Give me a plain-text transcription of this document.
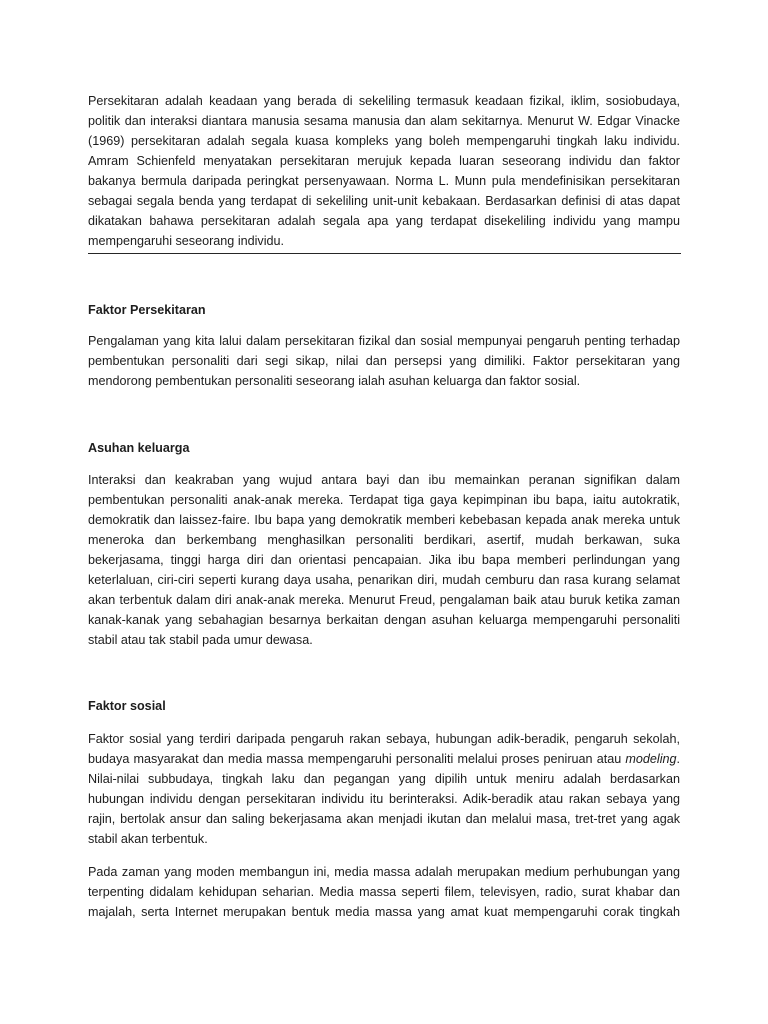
Persekitaran adalah keadaan yang berada di sekeliling termasuk keadaan fizikal, iklim, sosiobudaya,
politik dan interaksi diantara manusia sesama manusia dan alam sekitarnya. Menurut W. Edgar Vinacke
(1969) persekitaran adalah segala kuasa kompleks yang boleh mempengaruhi tingkah laku individu.
Amram Schienfeld menyatakan persekitaran merujuk kepada luaran seseorang individu dan faktor
bakanya bermula daripada peringkat persenyawaan. Norma L. Munn pula mendefinisikan persekitaran
sebagai segala benda yang terdapat di sekeliling unit-unit kebakaan. Berdasarkan definisi di atas dapat
dikatakan bahawa persekitaran adalah segala apa yang terdapat disekeliling individu yang mampu
mempengaruhi seseorang individu.
Faktor Persekitaran
Pengalaman yang kita lalui dalam persekitaran fizikal dan sosial mempunyai pengaruh penting terhadap
pembentukan personaliti dari segi sikap, nilai dan persepsi yang dimiliki. Faktor persekitaran yang
mendorong pembentukan personaliti seseorang ialah asuhan keluarga dan faktor sosial.
Asuhan keluarga
Interaksi dan keakraban yang wujud antara bayi dan ibu memainkan peranan signifikan dalam
pembentukan personaliti anak-anak mereka. Terdapat tiga gaya kepimpinan ibu bapa, iaitu autokratik,
demokratik dan laissez-faire. Ibu bapa yang demokratik memberi kebebasan kepada anak mereka untuk
meneroka dan berkembang menghasilkan personaliti berdikari, asertif, mudah berkawan, suka
bekerjasama, tinggi harga diri dan orientasi pencapaian. Jika ibu bapa memberi perlindungan yang
keterlaluan, ciri-ciri seperti kurang daya usaha, penarikan diri, mudah cemburu dan rasa kurang selamat
akan terbentuk dalam diri anak-anak mereka. Menurut Freud, pengalaman baik atau buruk ketika zaman
kanak-kanak yang sebahagian besarnya berkaitan dengan asuhan keluarga mempengaruhi personaliti
stabil atau tak stabil pada umur dewasa.
Faktor sosial
Faktor sosial yang terdiri daripada pengaruh rakan sebaya, hubungan adik-beradik, pengaruh sekolah,
budaya masyarakat dan media massa mempengaruhi personaliti melalui proses peniruan atau modeling.
Nilai-nilai subbudaya, tingkah laku dan pegangan yang dipilih untuk meniru adalah berdasarkan
hubungan individu dengan persekitaran individu itu berinteraksi. Adik-beradik atau rakan sebaya yang
rajin, bertolak ansur dan saling bekerjasama akan menjadi ikutan dan melalui masa, tret-tret yang agak
stabil akan terbentuk.
Pada zaman yang moden membangun ini, media massa adalah merupakan medium perhubungan yang
terpenting didalam kehidupan seharian. Media massa seperti filem, televisyen, radio, surat khabar dan
majalah, serta Internet merupakan bentuk media massa yang amat kuat mempengaruhi corak tingkah
